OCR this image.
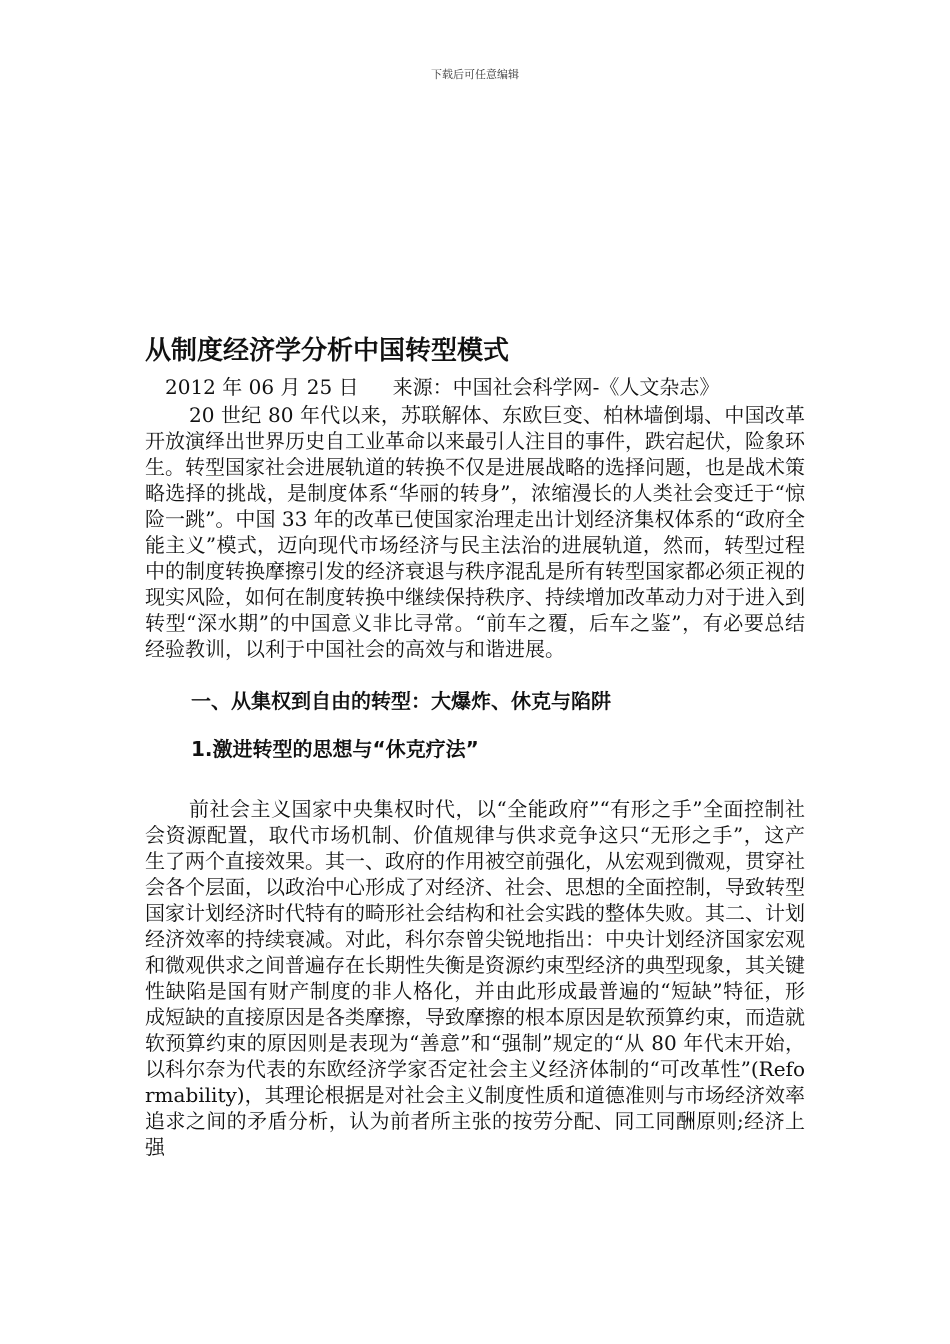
下载后可任意编辑
从制度经济学分析中国转型模式
2012 年 06 月 25 日 来源：中国社会科学网-《人文杂志》

20 世纪 80 年代以来，苏联解体、东欧巨变、柏林墙倒塌、中国改革开放演绎出世界历史自工业革命以来最引人注目的事件，跌宕起伏，险象环生。转型国家社会进展轨道的转换不仅是进展战略的选择问题，也是战术策略选择的挑战，是制度体系“华丽的转身”，浓缩漫长的人类社会变迁于“惊险一跳”。中国 33 年的改革已使国家治理走出计划经济集权体系的“政府全能主义”模式，迈向现代市场经济与民主法治的进展轨道，然而，转型过程中的制度转换摩擦引发的经济衰退与秩序混乱是所有转型国家都必须正视的现实风险，如何在制度转换中继续保持秩序、持续增加改革动力对于进入到转型“深水期”的中国意义非比寻常。“前车之覆，后车之鉴”，有必要总结经验教训，以利于中国社会的高效与和谐进展。

一、从集权到自由的转型：大爆炸、休克与陷阱
1.激进转型的思想与“休克疗法”

前社会主义国家中央集权时代，以“全能政府”“有形之手”全面控制社会资源配置，取代市场机制、价值规律与供求竞争这只“无形之手”，这产生了两个直接效果。其一、政府的作用被空前强化，从宏观到微观，贯穿社会各个层面，以政治中心形成了对经济、社会、思想的全面控制，导致转型国家计划经济时代特有的畸形社会结构和社会实践的整体失败。其二、计划经济效率的持续衰减。对此，科尔奈曾尖锐地指出：中央计划经济国家宏观和微观供求之间普遍存在长期性失衡是资源约束型经济的典型现象，其关键性缺陷是国有财产制度的非人格化，并由此形成最普遍的“短缺”特征，形成短缺的直接原因是各类摩擦，导致摩擦的根本原因是软预算约束，而造就软预算约束的原因则是表现为“善意”和“强制”规定的“从 80 年代末开始，以科尔奈为代表的东欧经济学家否定社会主义经济体制的“可改革性”(Reformability)，其理论根据是对社会主义制度性质和道德准则与市场经济效率追求之间的矛盾分析，认为前者所主张的按劳分配、同工同酬原则;经济上强
